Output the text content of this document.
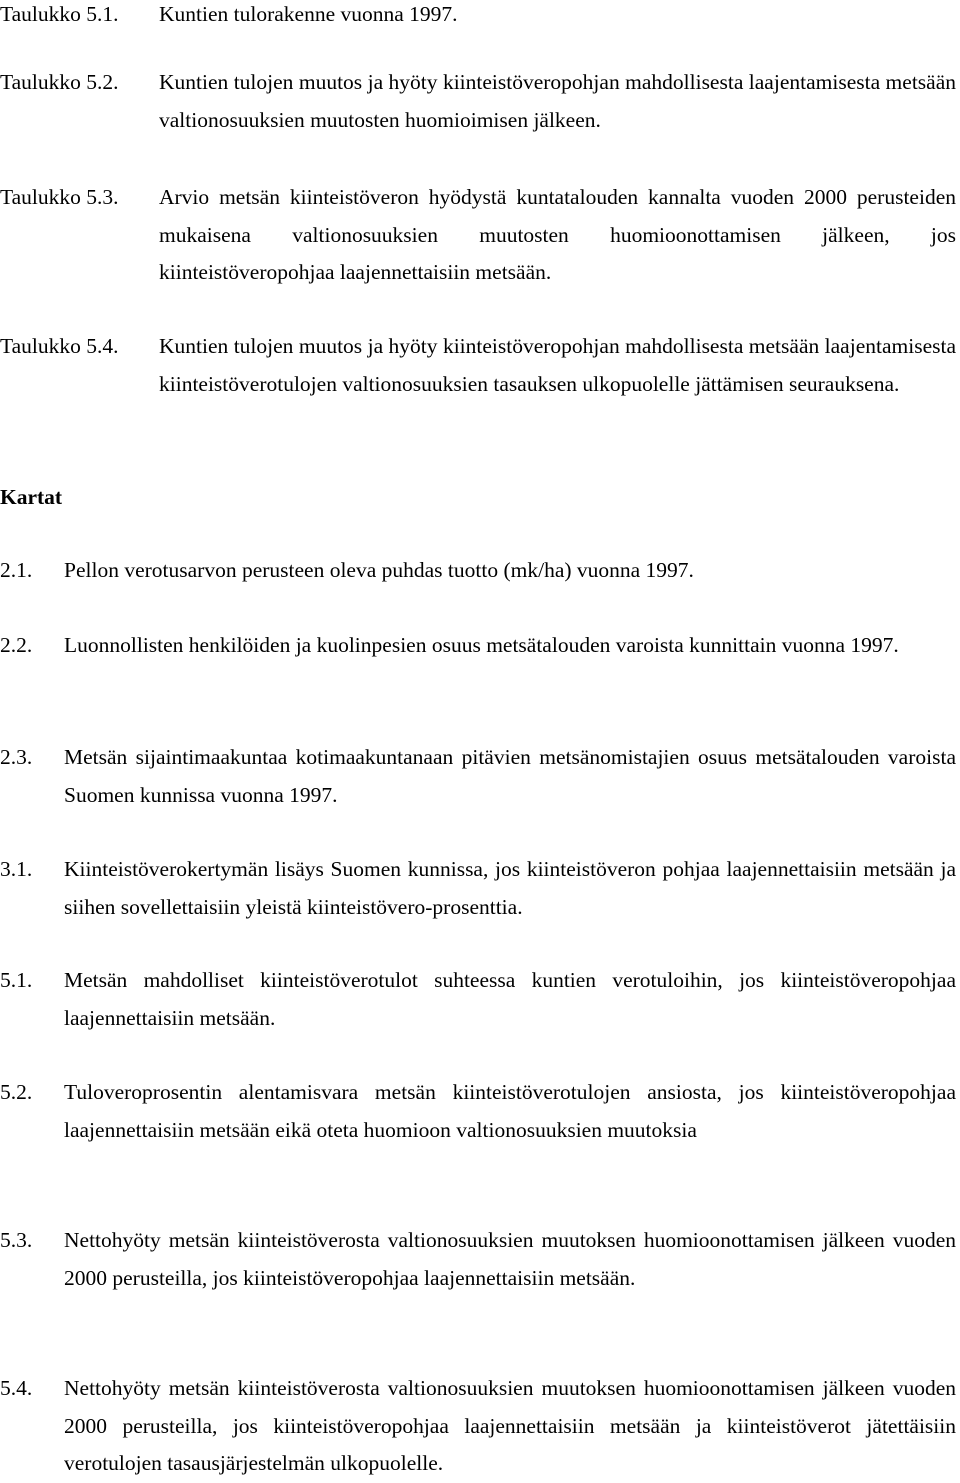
Taulukko 5.1. Kuntien tulorakenne vuonna 1997.
Taulukko 5.2. Kuntien tulojen muutos ja hyöty kiinteistöveropohjan mahdollisesta laajentamisesta metsään valtionosuuksien muutosten huomioimisen jälkeen.
Taulukko 5.3. Arvio metsän kiinteistöveron hyödystä kuntatalouden kannalta vuoden 2000 perusteiden mukaisena valtionosuuksien muutosten huomioonottamisen jälkeen, jos kiinteistöveropohjaa laajennettaisiin metsään.
Taulukko 5.4. Kuntien tulojen muutos ja hyöty kiinteistöveropohjan mahdollisesta metsään laajentamisesta kiinteistöverotulojen valtionosuuksien tasauksen ulkopuolelle jättämisen seurauksena.
Kartat
2.1. Pellon verotusarvon perusteen oleva puhdas tuotto (mk/ha) vuonna 1997.
2.2. Luonnollisten henkilöiden ja kuolinpesien osuus metsätalouden varoista kunnittain vuonna 1997.
2.3. Metsän sijaintimaakuntaa kotimaakuntanaan pitävien metsänomistajien osuus metsätalouden varoista Suomen kunnissa vuonna 1997.
3.1. Kiinteistöverokertymän lisäys Suomen kunnissa, jos kiinteistöveron pohjaa laajennettaisiin metsään ja siihen sovellettaisiin yleistä kiinteistövero-prosenttia.
5.1. Metsän mahdolliset kiinteistöverotulot suhteessa kuntien verotuloihin, jos kiinteistöveropohjaa laajennettaisiin metsään.
5.2. Tuloveroprosentin alentamisvara metsän kiinteistöverotulojen ansiosta, jos kiinteistöveropohjaa laajennettaisiin metsään eikä oteta huomioon valtionosuuksien muutoksia
5.3. Nettohyöty metsän kiinteistöverosta valtionosuuksien muutoksen huomioonottamisen jälkeen vuoden 2000 perusteilla, jos kiinteistöveropohjaa laajennettaisiin metsään.
5.4. Nettohyöty metsän kiinteistöverosta valtionosuuksien muutoksen huomioonottamisen jälkeen vuoden 2000 perusteilla, jos kiinteistöveropohjaa laajennettaisiin metsään ja kiinteistöverot jätettäisiin verotulojen tasausjärjestelmän ulkopuolelle.
